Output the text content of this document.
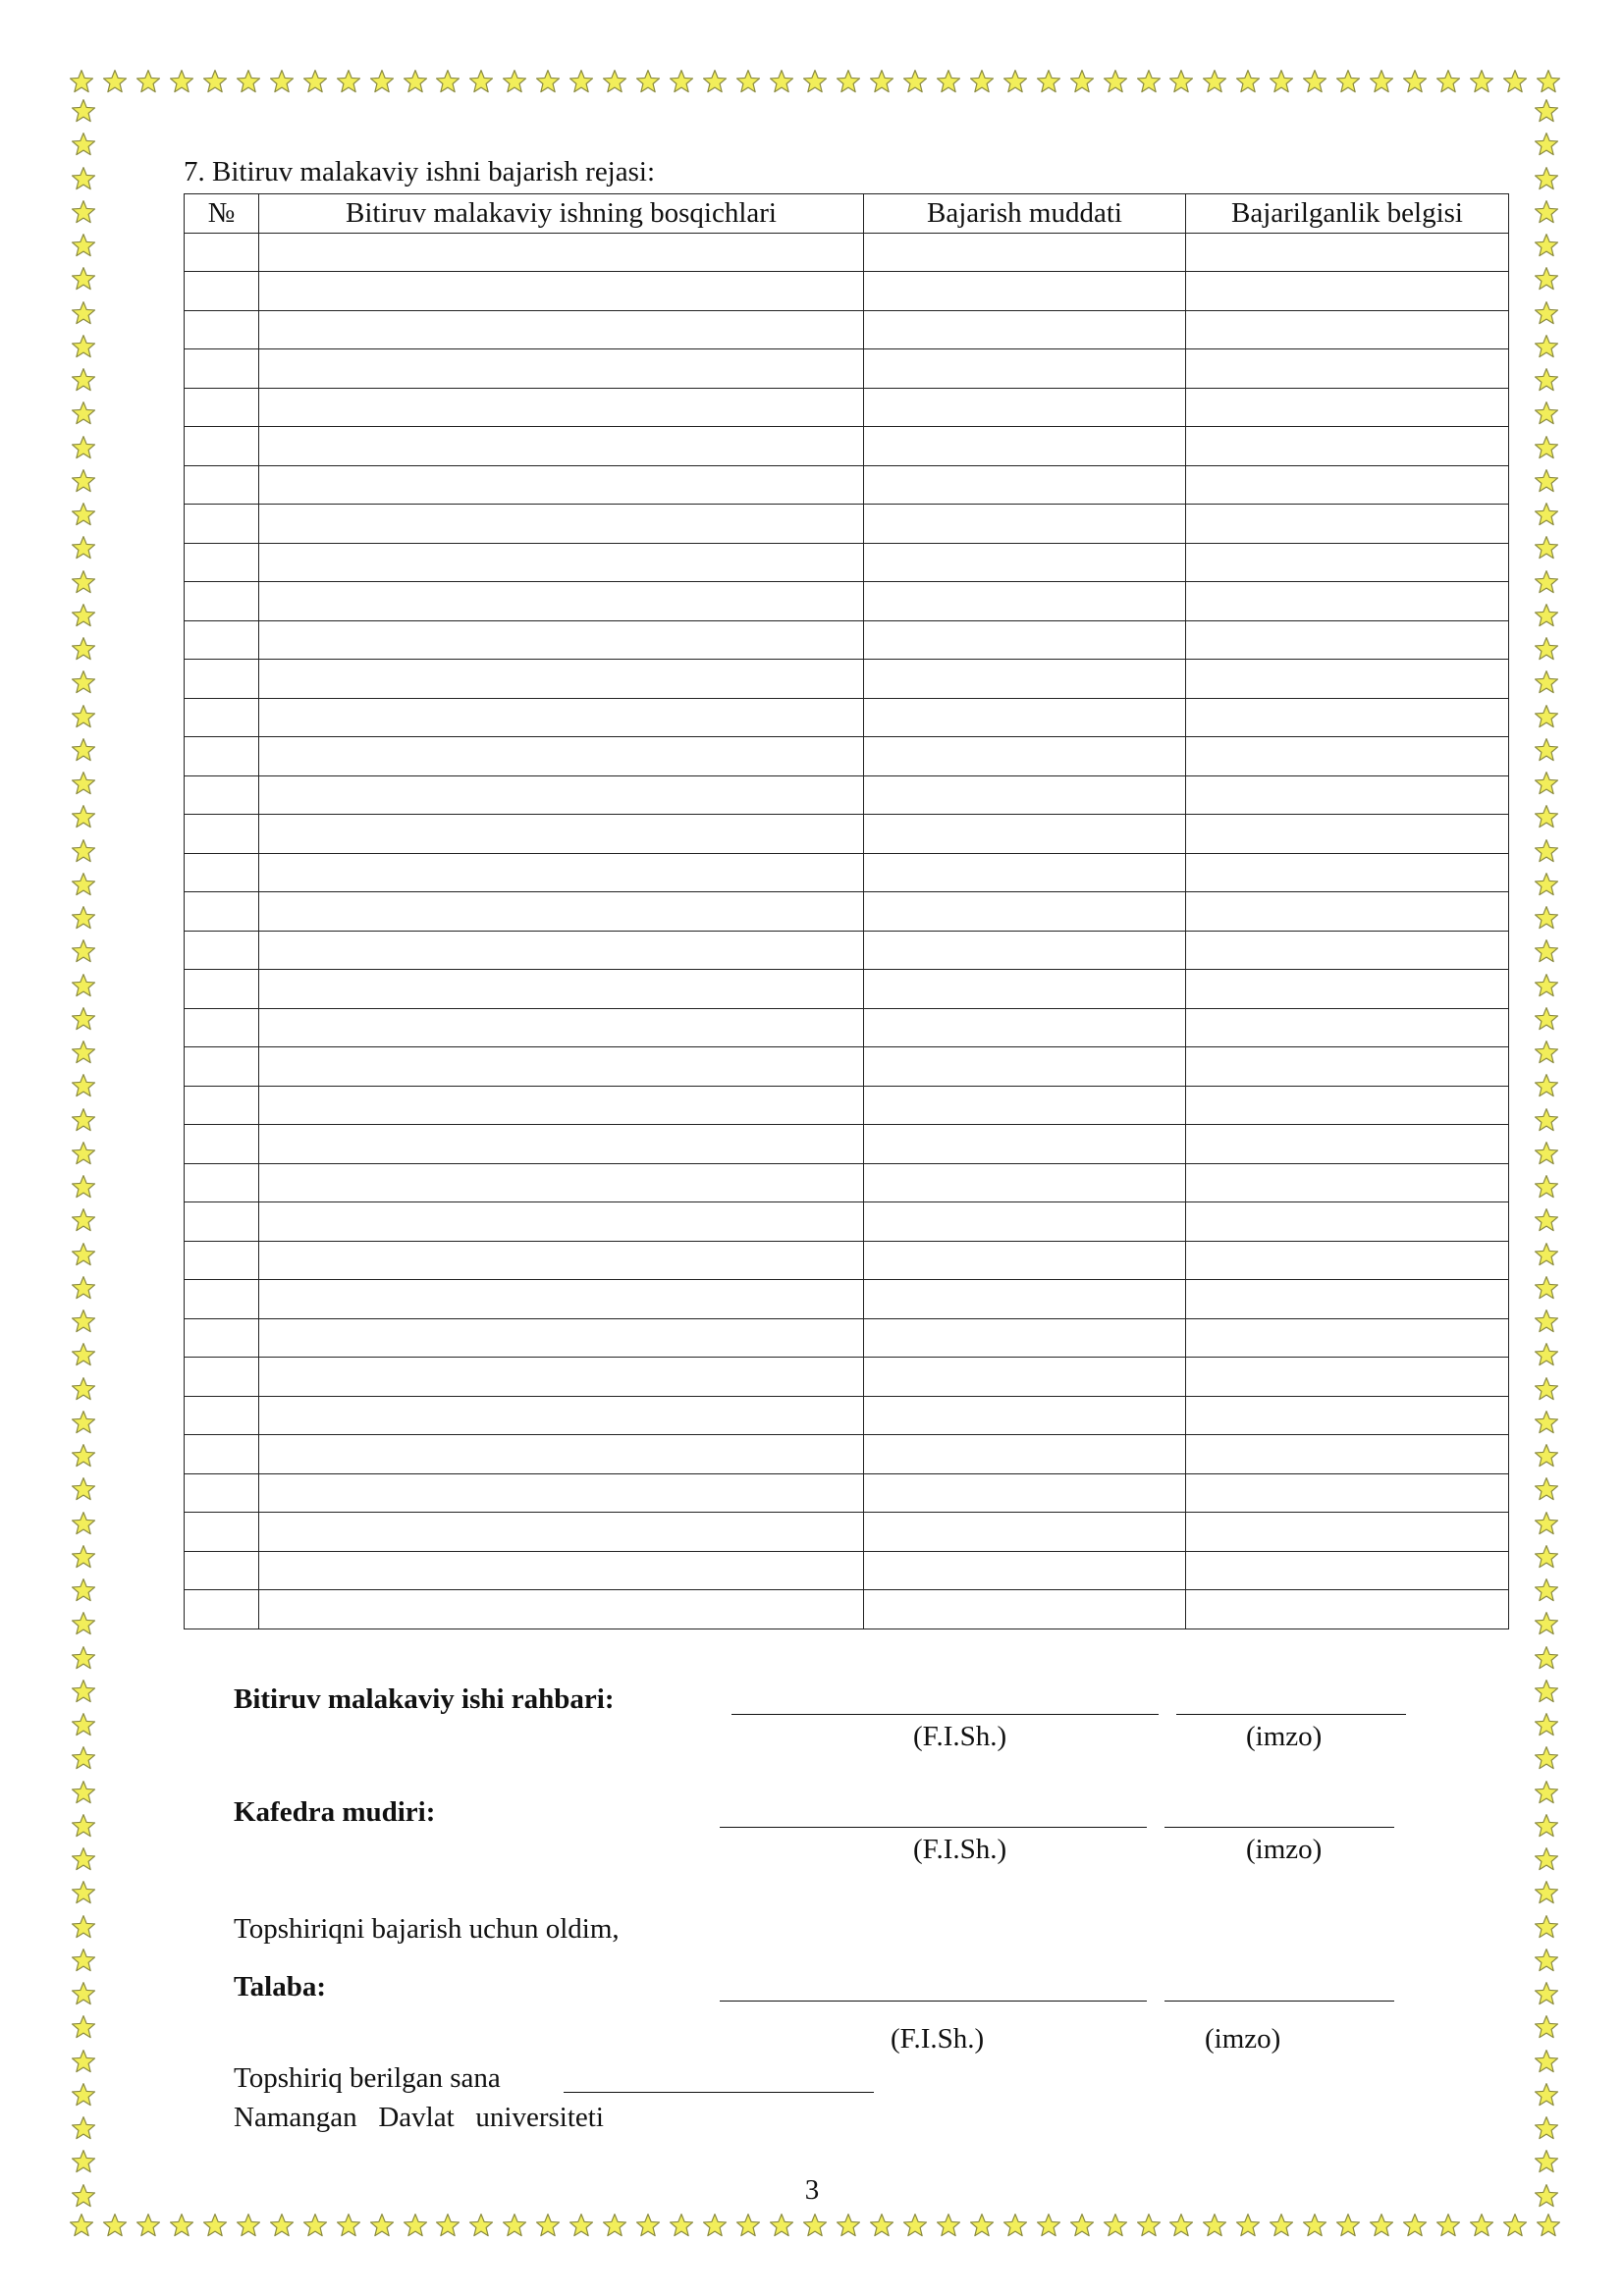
7. Bitiruv malakaviy ishni bajarish rejasi:
№	Bitiruv malakaviy ishning bosqichlari	Bajarish muddati	Bajarilganlik belgisi

Bitiruv malakaviy ishi rahbari:
(F.I.Sh.)	(imzo)
Kafedra mudiri:
(F.I.Sh.)	(imzo)
Topshiriqni bajarish uchun oldim,
Talaba:
(F.I.Sh.)	(imzo)
Topshiriq berilgan sana
Namangan   Davlat   universiteti
3
